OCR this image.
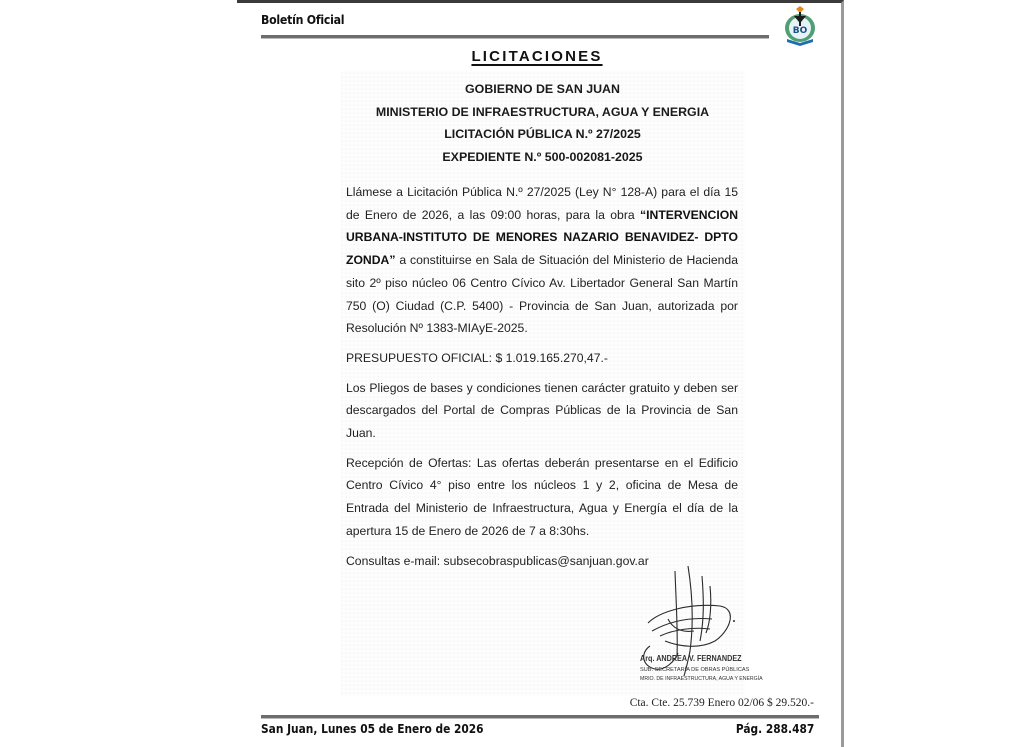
Boletín Oficial
BO
LICITACIONES
GOBIERNO DE SAN JUAN
MINISTERIO DE INFRAESTRUCTURA, AGUA Y ENERGIA
LICITACIÓN PÚBLICA N.º 27/2025
EXPEDIENTE N.º 500-002081-2025

Llámese a Licitación Pública N.º 27/2025 (Ley N° 128-A) para el día 15 de Enero de 2026, a las 09:00 horas, para la obra “INTERVENCION URBANA-INSTITUTO DE MENORES NAZARIO BENAVIDEZ- DPTO ZONDA” a constituirse en Sala de Situación del Ministerio de Hacienda sito 2º piso núcleo 06 Centro Cívico Av. Libertador General San Martín 750 (O) Ciudad (C.P. 5400) - Provincia de San Juan, autorizada por Resolución Nº 1383-MIAyE-2025.

PRESUPUESTO OFICIAL: $ 1.019.165.270,47.-

Los Pliegos de bases y condiciones tienen carácter gratuito y deben ser descargados del Portal de Compras Públicas de la Provincia de San Juan.

Recepción de Ofertas: Las ofertas deberán presentarse en el Edificio Centro Cívico 4° piso entre los núcleos 1 y 2, oficina de Mesa de Entrada del Ministerio de Infraestructura, Agua y Energía el día de la apertura 15 de Enero de 2026 de 7 a 8:30hs.

Consultas e-mail: subsecobraspublicas@sanjuan.gov.ar

Arq. ANDREA V. FERNANDEZ
SUB. SECRETARÍA DE OBRAS PÚBLICAS
MRIO. DE INFRAESTRUCTURA, AGUA Y ENERGÍA
Cta. Cte. 25.739 Enero 02/06 $ 29.520.-
San Juan, Lunes 05 de Enero de 2026	Pág. 288.487
